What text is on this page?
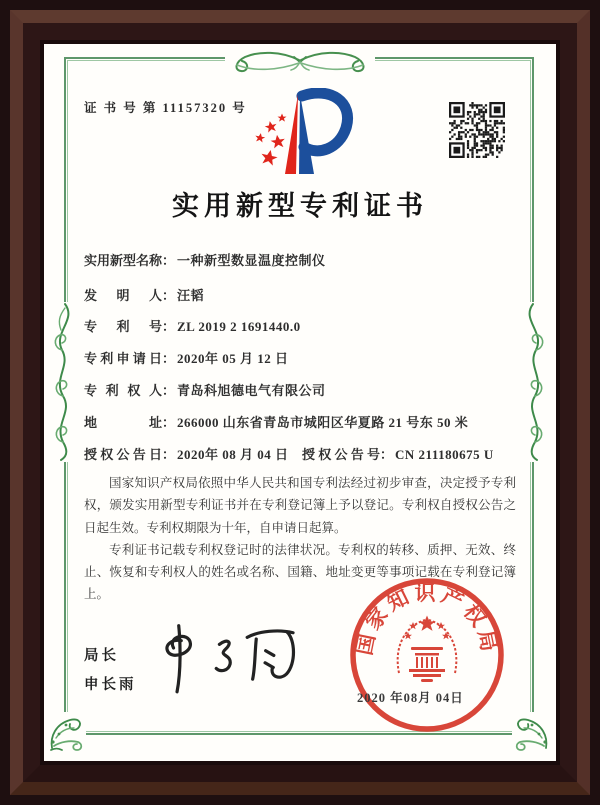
证 书 号 第 11157320 号
实用新型专利证书
实用新型名称： 一种新型数显温度控制仪
发明人： 汪韬
专利号： ZL 2019 2 1691440.0
专利申请日： 2020年 05 月 12 日
专利权人： 青岛科旭德电气有限公司
地址： 266000 山东省青岛市城阳区华夏路 21 号东 50 米
授权公告日： 2020年 08 月 04 日 授权公告号： CN 211180675 U

国家知识产权局依照中华人民共和国专利法经过初步审查，决定授予专利权，颁发实用新型专利证书并在专利登记簿上予以登记。专利权自授权公告之日起生效。专利权期限为十年，自申请日起算。

专利证书记载专利权登记时的法律状况。专利权的转移、质押、无效、终止、恢复和专利权人的姓名或名称、国籍、地址变更等事项记载在专利登记簿上。

局长
申长雨
国家知识产权局
2020 年08月 04日
